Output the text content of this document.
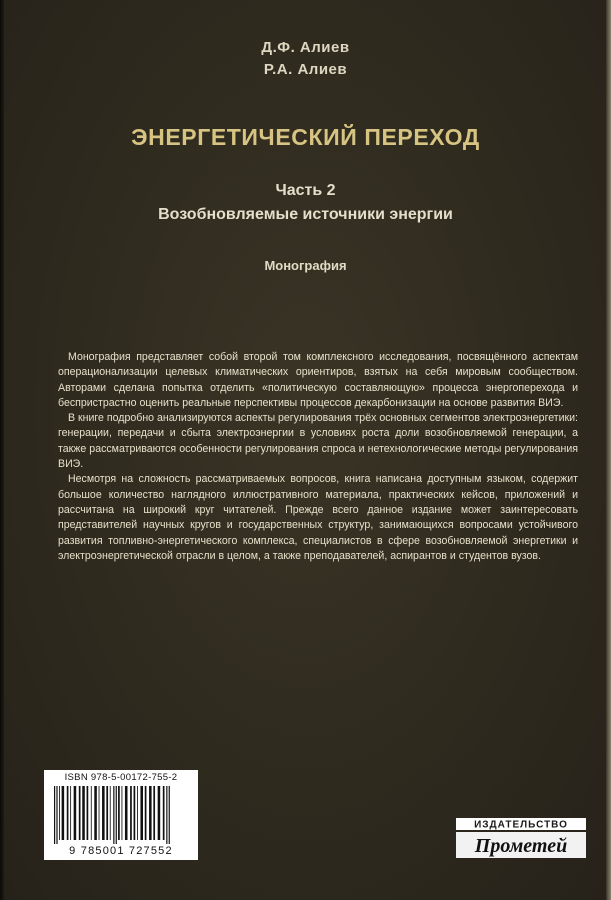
Д.Ф. Алиев
Р.А. Алиев
ЭНЕРГЕТИЧЕСКИЙ ПЕРЕХОД
Часть 2
Возобновляемые источники энергии
Монография

Монография представляет собой второй том комплексного исследования, посвящённого аспектам операционализации целевых климатических ориентиров, взятых на себя мировым сообществом. Авторами сделана попытка отделить «политическую составляющую» процесса энергоперехода и беспристрастно оценить реальные перспективы процессов декарбонизации на основе развития ВИЭ.

В книге подробно анализируются аспекты регулирования трёх основных сегментов электроэнергетики: генерации, передачи и сбыта электроэнергии в условиях роста доли возобновляемой генерации, а также рассматриваются особенности регулирования спроса и нетехнологические методы регулирования ВИЭ.

Несмотря на сложность рассматриваемых вопросов, книга написана доступным языком, содержит большое количество наглядного иллюстративного материала, практических кейсов, приложений и рассчитана на широкий круг читателей. Прежде всего данное издание может заинтересовать представителей научных кругов и государственных структур, занимающихся вопросами устойчивого развития топливно-энергетического комплекса, специалистов в сфере возобновляемой энергетики и электроэнергетической отрасли в целом, а также преподавателей, аспирантов и студентов вузов.

ISBN 978-5-00172-755-2
9 785001 727552
ИЗДАТЕЛЬСТВО
Прометей
